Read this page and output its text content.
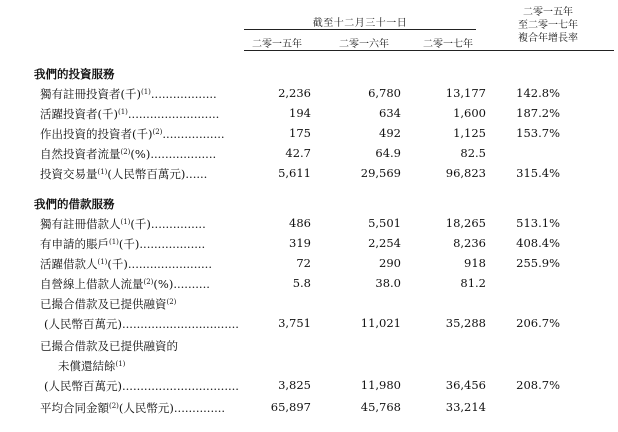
截至十二月三十一日
二零一五年
至二零一七年
複合年增長率
二零一五年	二零一六年	二零一七年
我們的投資服務
獨有註冊投資者(千)$^{(1)}$..................	2,236	6,780	13,177	142.8%
活躍投資者(千)$^{(1)}$.........................	194	634	1,600	187.2%
作出投資的投資者(千)$^{(2)}$.................	175	492	1,125	153.7%
自然投資者流量$^{(2)}$(%)..................	42.7	64.9	82.5
投資交易量$^{(1)}$(人民幣百萬元)......	5,611	29,569	96,823	315.4%
我們的借款服務
獨有註冊借款人$^{(1)}$(千)...............	486	5,501	18,265	513.1%
有申請的賬戶$^{(1)}$(千)..................	319	2,254	8,236	408.4%
活躍借款人$^{(1)}$(千).......................	72	290	918	255.9%
自營線上借款人流量$^{(2)}$(%)..........	5.8	38.0	81.2
已撮合借款及已提供融資$^{(2)}$
(人民幣百萬元)................................	3,751	11,021	35,288	206.7%
已撮合借款及已提供融資的
未償還結餘$^{(1)}$
(人民幣百萬元)................................	3,825	11,980	36,456	208.7%
平均合同金額$^{(2)}$(人民幣元)..............	65,897	45,768	33,214
